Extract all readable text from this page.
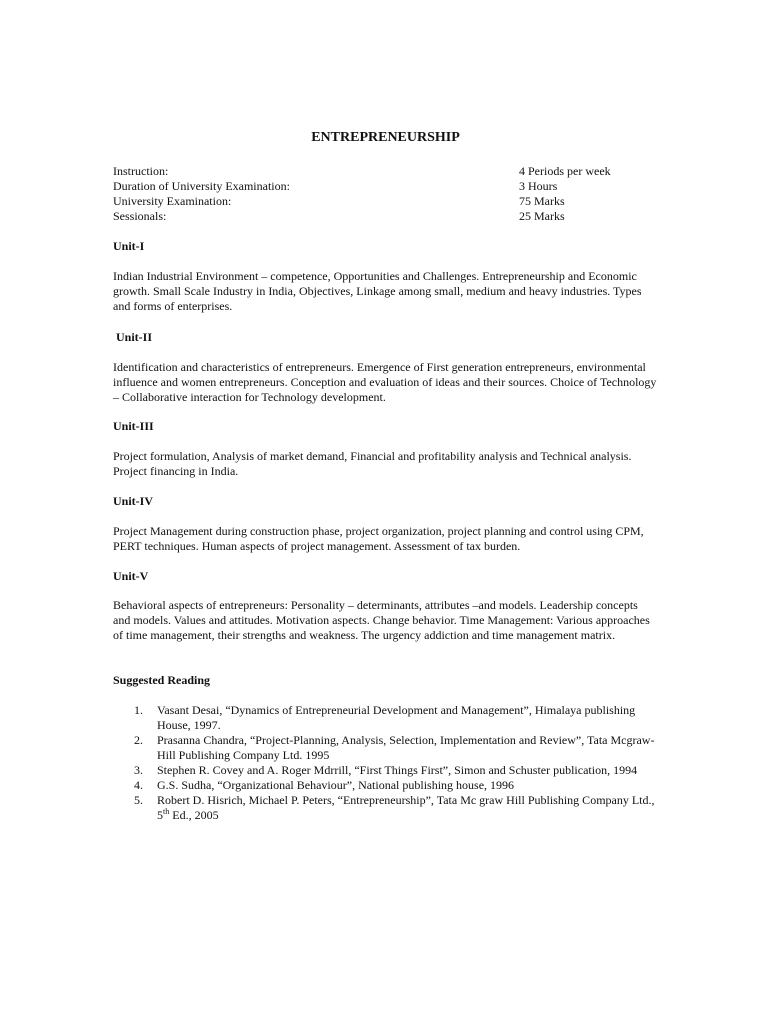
ENTREPRENEURSHIP
Instruction:	4 Periods per week
Duration of University Examination:	3 Hours
University Examination:	75 Marks
Sessionals:	25 Marks
Unit-I

Indian Industrial Environment – competence, Opportunities and Challenges. Entrepreneurship and Economic growth. Small Scale Industry in India, Objectives, Linkage among small, medium and heavy industries. Types and forms of enterprises.

Unit-II

Identification and characteristics of entrepreneurs. Emergence of First generation entrepreneurs, environmental influence and women entrepreneurs. Conception and evaluation of ideas and their sources. Choice of Technology – Collaborative interaction for Technology development.

Unit-III

Project formulation, Analysis of market demand, Financial and profitability analysis and Technical analysis. Project financing in India.

Unit-IV

Project Management during construction phase, project organization, project planning and control using CPM, PERT techniques. Human aspects of project management. Assessment of tax burden.

Unit-V

Behavioral aspects of entrepreneurs: Personality – determinants, attributes –and models. Leadership concepts and models. Values and attitudes. Motivation aspects. Change behavior. Time Management: Various approaches of time management, their strengths and weakness. The urgency addiction and time management matrix.

Suggested Reading
1.	Vasant Desai, “Dynamics of Entrepreneurial Development and Management”, Himalaya publishing House, 1997.
2.	Prasanna Chandra, “Project-Planning, Analysis, Selection, Implementation and Review”, Tata Mcgraw-Hill Publishing Company Ltd. 1995
3.	Stephen R. Covey and A. Roger Mdrrill, “First Things First”, Simon and Schuster publication, 1994
4.	G.S. Sudha, “Organizational Behaviour”, National publishing house, 1996
5.	Robert D. Hisrich, Michael P. Peters, “Entrepreneurship”, Tata Mc graw Hill Publishing Company Ltd., 5th Ed., 2005
